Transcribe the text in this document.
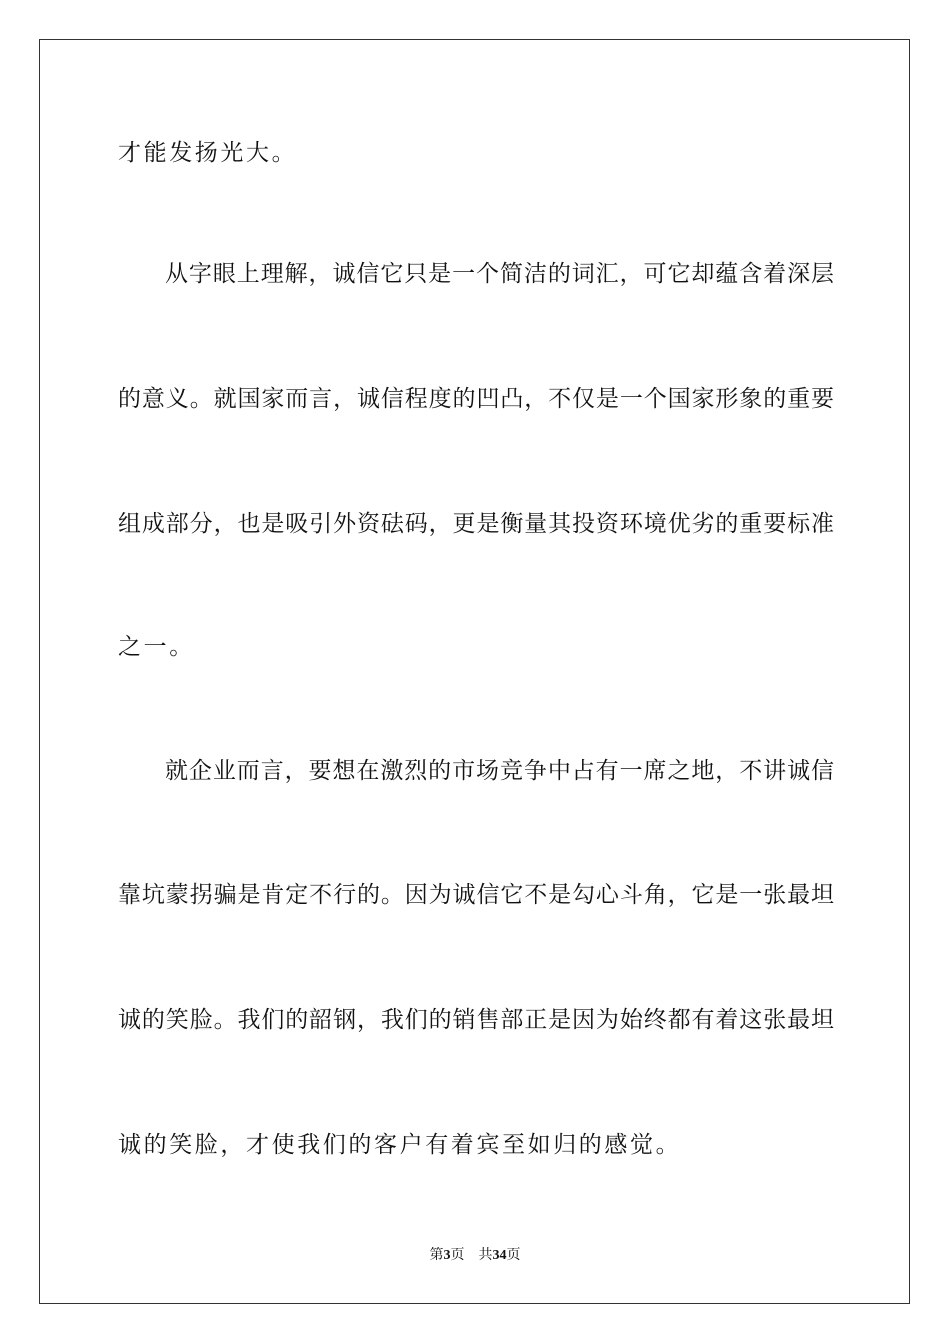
才能发扬光大。
从字眼上理解，诚信它只是一个简洁的词汇，可它却蕴含着深层
的意义。就国家而言，诚信程度的凹凸，不仅是一个国家形象的重要
组成部分，也是吸引外资砝码，更是衡量其投资环境优劣的重要标准
之一。
就企业而言，要想在激烈的市场竞争中占有一席之地，不讲诚信
靠坑蒙拐骗是肯定不行的。因为诚信它不是勾心斗角，它是一张最坦
诚的笑脸。我们的韶钢，我们的销售部正是因为始终都有着这张最坦
诚的笑脸，才使我们的客户有着宾至如归的感觉。
第3页 共34页
